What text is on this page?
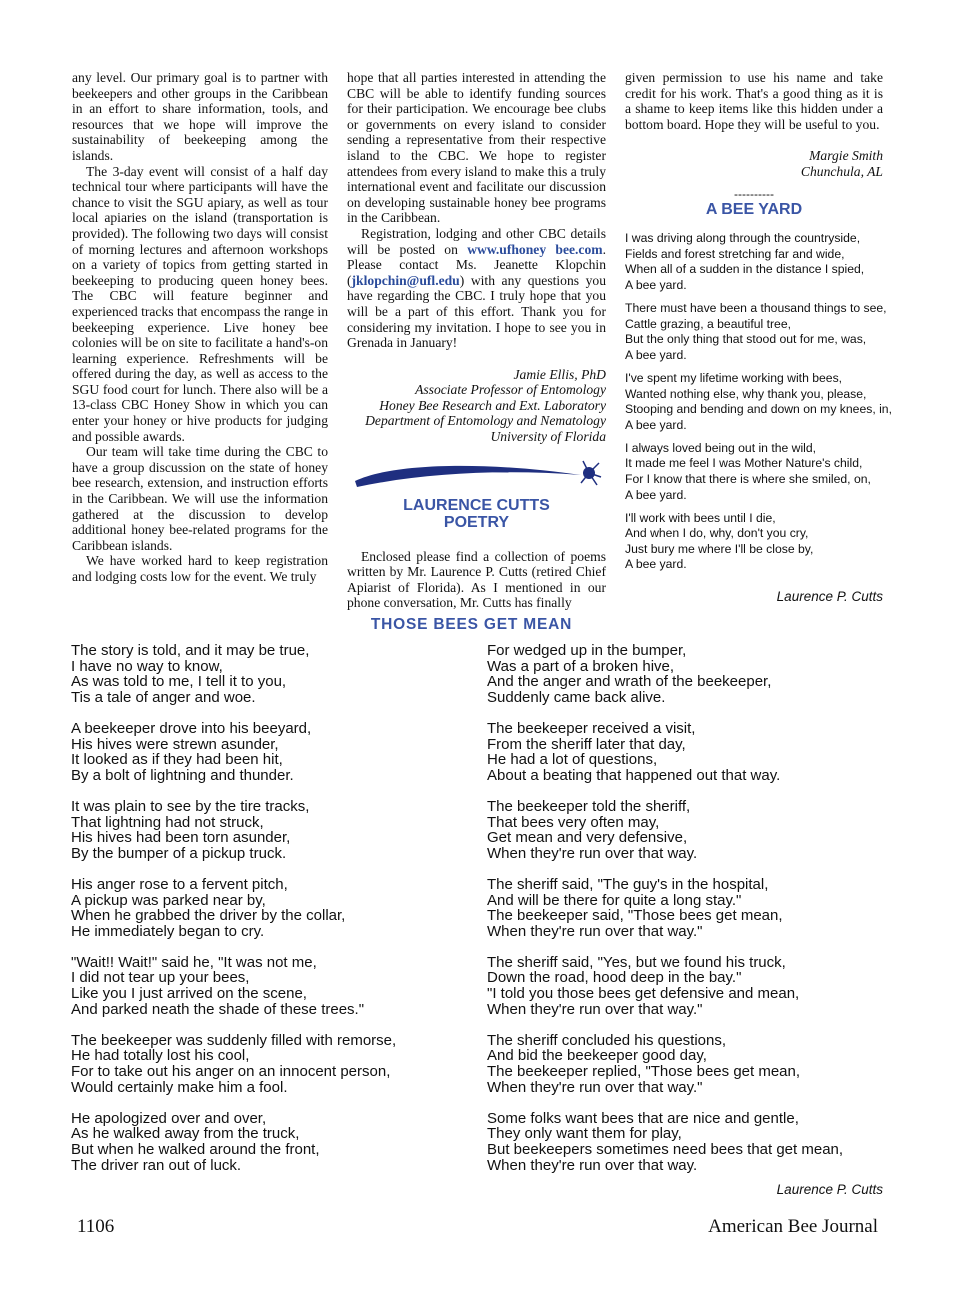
any level. Our primary goal is to partner with beekeepers and other groups in the Caribbean in an effort to share information, tools, and resources that we hope will improve the sustainability of beekeeping among the islands.

The 3-day event will consist of a half day technical tour where participants will have the chance to visit the SGU apiary, as well as tour local apiaries on the island (transportation is provided). The following two days will consist of morning lectures and afternoon workshops on a variety of topics from getting started in beekeeping to producing queen honey bees. The CBC will feature beginner and experienced tracks that encompass the range in beekeeping experience. Live honey bee colonies will be on site to facilitate a hand's-on learning experience. Refreshments will be offered during the day, as well as access to the SGU food court for lunch. There also will be a 13-class CBC Honey Show in which you can enter your honey or hive products for judging and possible awards.

Our team will take time during the CBC to have a group discussion on the state of honey bee research, extension, and instruction efforts in the Caribbean. We will use the information gathered at the discussion to develop additional honey bee-related programs for the Caribbean islands.

We have worked hard to keep registration and lodging costs low for the event. We truly

hope that all parties interested in attending the CBC will be able to identify funding sources for their participation. We encourage bee clubs or governments on every island to consider sending a representative from their respective island to the CBC. We hope to register attendees from every island to make this a truly international event and facilitate our discussion on developing sustainable honey bee programs in the Caribbean.

Registration, lodging and other CBC details will be posted on www.ufhoney bee.com. Please contact Ms. Jeanette Klopchin (jklopchin@ufl.edu) with any questions you have regarding the CBC. I truly hope that you will be a part of this effort. Thank you for considering my invitation. I hope to see you in Grenada in January!

Jamie Ellis, PhD
Associate Professor of Entomology
Honey Bee Research and Ext. Laboratory
Department of Entomology and Nematology
University of Florida
LAURENCE CUTTS
POETRY

Enclosed please find a collection of poems written by Mr. Laurence P. Cutts (retired Chief Apiarist of Florida). As I mentioned in our phone conversation, Mr. Cutts has finally

given permission to use his name and take credit for his work. That's a good thing as it is a shame to keep items like this hidden under a bottom board. Hope they will be useful to you.

Margie Smith
Chunchula, AL
----------
A BEE YARD
I was driving along through the countryside,
Fields and forest stretching far and wide,
When all of a sudden in the distance I spied,
A bee yard.
There must have been a thousand things to see,
Cattle grazing, a beautiful tree,
But the only thing that stood out for me, was,
A bee yard.
I've spent my lifetime working with bees,
Wanted nothing else, why thank you, please,
Stooping and bending and down on my knees, in,
A bee yard.
I always loved being out in the wild,
It made me feel I was Mother Nature's child,
For I know that there is where she smiled, on,
A bee yard.
I'll work with bees until I die,
And when I do, why, don't you cry,
Just bury me where I'll be close by,
A bee yard.
Laurence P. Cutts
THOSE BEES GET MEAN
The story is told, and it may be true,
I have no way to know,
As was told to me, I tell it to you,
Tis a tale of anger and woe.
A beekeeper drove into his beeyard,
His hives were strewn asunder,
It looked as if they had been hit,
By a bolt of lightning and thunder.
It was plain to see by the tire tracks,
That lightning had not struck,
His hives had been torn asunder,
By the bumper of a pickup truck.
His anger rose to a fervent pitch,
A pickup was parked near by,
When he grabbed the driver by the collar,
He immediately began to cry.
"Wait!! Wait!" said he, "It was not me,
I did not tear up your bees,
Like you I just arrived on the scene,
And parked neath the shade of these trees."
The beekeeper was suddenly filled with remorse,
He had totally lost his cool,
For to take out his anger on an innocent person,
Would certainly make him a fool.
He apologized over and over,
As he walked away from the truck,
But when he walked around the front,
The driver ran out of luck.
For wedged up in the bumper,
Was a part of a broken hive,
And the anger and wrath of the beekeeper,
Suddenly came back alive.
The beekeeper received a visit,
From the sheriff later that day,
He had a lot of questions,
About a beating that happened out that way.
The beekeeper told the sheriff,
That bees very often may,
Get mean and very defensive,
When they're run over that way.
The sheriff said, "The guy's in the hospital,
And will be there for quite a long stay."
The beekeeper said, "Those bees get mean,
When they're run over that way."
The sheriff said, "Yes, but we found his truck,
Down the road, hood deep in the bay."
"I told you those bees get defensive and mean,
When they're run over that way."
The sheriff concluded his questions,
And bid the beekeeper good day,
The beekeeper replied, "Those bees get mean,
When they're run over that way."
Some folks want bees that are nice and gentle,
They only want them for play,
But beekeepers sometimes need bees that get mean,
When they're run over that way.
Laurence P. Cutts
1106	American Bee Journal
